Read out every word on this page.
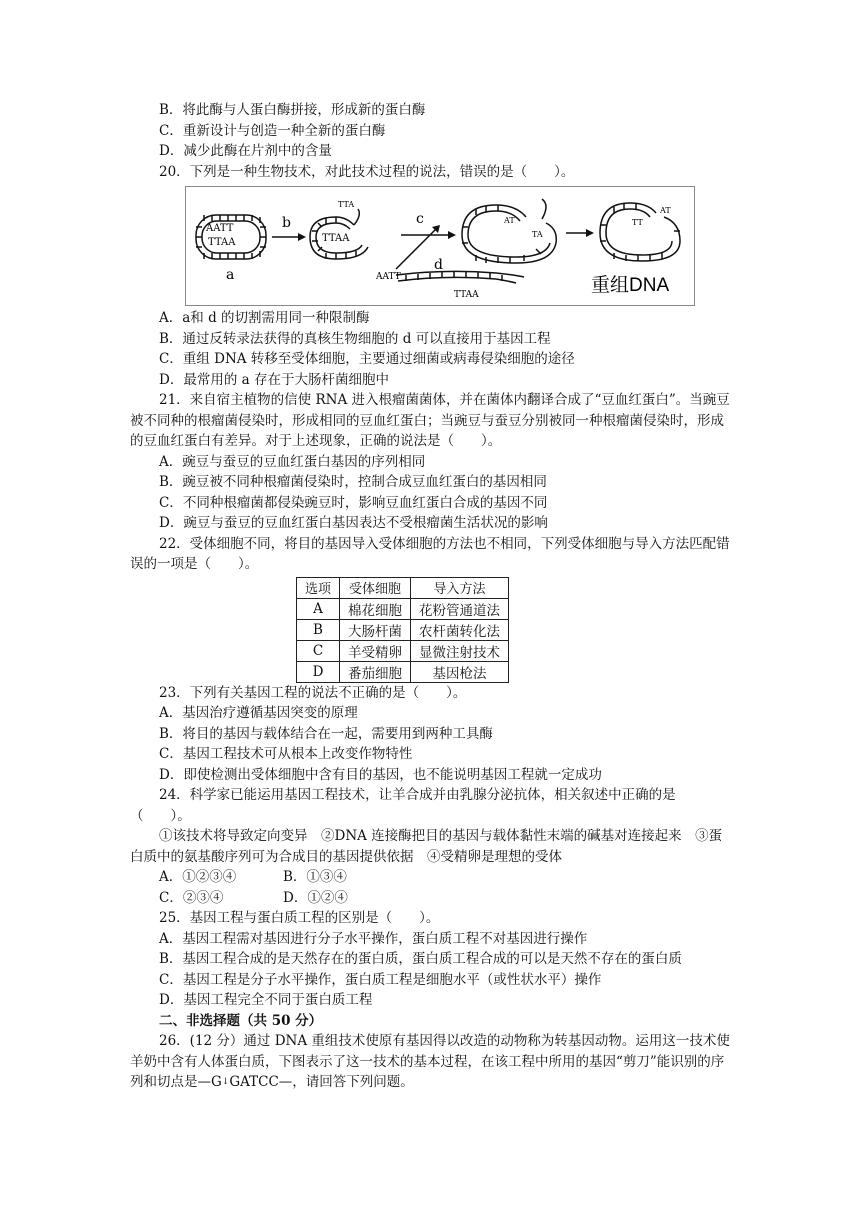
B．将此酶与人蛋白酶拼接，形成新的蛋白酶
C．重新设计与创造一种全新的蛋白酶
D．减少此酶在片剂中的含量
20．下列是一种生物技术，对此技术过程的说法，错误的是（　　）。
AATT
TTAA
a
b
TTA
TTAA
c
AATT
TTAA
d
AT
TA
TT
AT
重组DNA
A．a和 d 的切割需用同一种限制酶
B．通过反转录法获得的真核生物细胞的 d 可以直接用于基因工程
C．重组 DNA 转移至受体细胞，主要通过细菌或病毒侵染细胞的途径
D．最常用的 a 存在于大肠杆菌细胞中
21．来自宿主植物的信使 RNA 进入根瘤菌菌体，并在菌体内翻译合成了“豆血红蛋白”。当豌豆被不同种的根瘤菌侵染时，形成相同的豆血红蛋白；当豌豆与蚕豆分别被同一种根瘤菌侵染时，形成的豆血红蛋白有差异。对于上述现象，正确的说法是（　　）。
A．豌豆与蚕豆的豆血红蛋白基因的序列相同
B．豌豆被不同种根瘤菌侵染时，控制合成豆血红蛋白的基因相同
C．不同种根瘤菌都侵染豌豆时，影响豆血红蛋白合成的基因不同
D．豌豆与蚕豆的豆血红蛋白基因表达不受根瘤菌生活状况的影响
22．受体细胞不同，将目的基因导入受体细胞的方法也不相同，下列受体细胞与导入方法匹配错误的一项是（　　）。
选项	受体细胞	导入方法
A	棉花细胞	花粉管通道法
B	大肠杆菌	农杆菌转化法
C	羊受精卵	显微注射技术
D	番茄细胞	基因枪法
23．下列有关基因工程的说法不正确的是（　　）。
A．基因治疗遵循基因突变的原理
B．将目的基因与载体结合在一起，需要用到两种工具酶
C．基因工程技术可从根本上改变作物特性
D．即使检测出受体细胞中含有目的基因，也不能说明基因工程就一定成功
24．科学家已能运用基因工程技术，让羊合成并由乳腺分泌抗体，相关叙述中正确的是（　　）。
①该技术将导致定向变异　②DNA 连接酶把目的基因与载体黏性末端的碱基对连接起来　③蛋白质中的氨基酸序列可为合成目的基因提供依据　④受精卵是理想的受体
A．①②③④	B．①③④
C．②③④	D．①②④
25．基因工程与蛋白质工程的区别是（　　）。
A．基因工程需对基因进行分子水平操作，蛋白质工程不对基因进行操作
B．基因工程合成的是天然存在的蛋白质，蛋白质工程合成的可以是天然不存在的蛋白质
C．基因工程是分子水平操作，蛋白质工程是细胞水平（或性状水平）操作
D．基因工程完全不同于蛋白质工程
二、非选择题（共 50 分）
26．(12 分）通过 DNA 重组技术使原有基因得以改造的动物称为转基因动物。运用这一技术使羊奶中含有人体蛋白质，下图表示了这一技术的基本过程，在该工程中所用的基因“剪刀”能识别的序列和切点是—G↓GATCC—，请回答下列问题。
